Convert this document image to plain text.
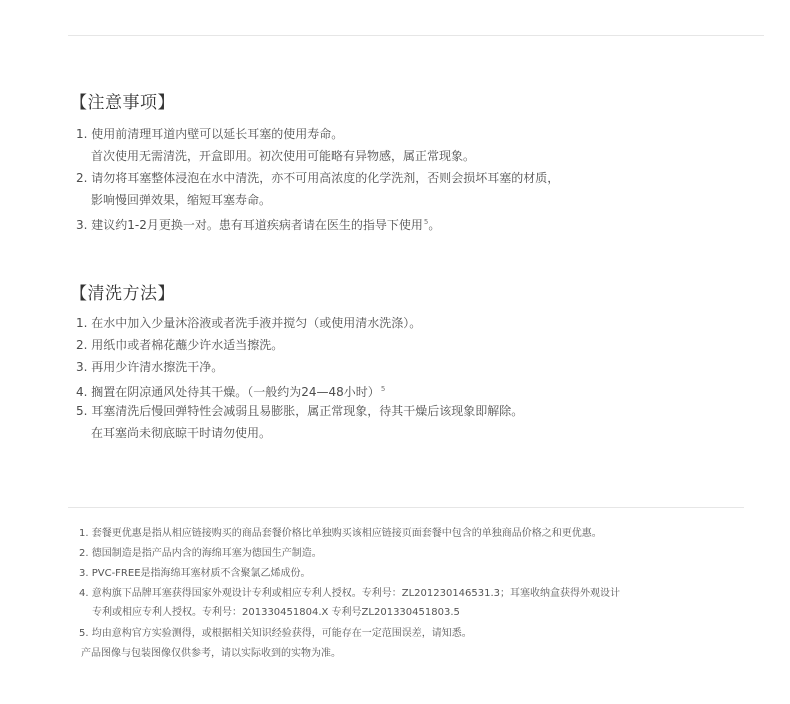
【注意事项】
1. 使用前清理耳道内壁可以延长耳塞的使用寿命。
首次使用无需清洗，开盒即用。初次使用可能略有异物感，属正常现象。
2. 请勿将耳塞整体浸泡在水中清洗，亦不可用高浓度的化学洗剂，否则会损坏耳塞的材质，
影响慢回弹效果，缩短耳塞寿命。
3. 建议约1-2月更换一对。患有耳道疾病者请在医生的指导下使用$^5$。
【清洗方法】
1. 在水中加入少量沐浴液或者洗手液并搅匀（或使用清水洗涤）。
2. 用纸巾或者棉花蘸少许水适当擦洗。
3. 再用少许清水擦洗干净。
4. 搁置在阴凉通风处待其干燥。（一般约为24—48小时）$^5$
5. 耳塞清洗后慢回弹特性会减弱且易膨胀，属正常现象，待其干燥后该现象即解除。
在耳塞尚未彻底晾干时请勿使用。
1. 套餐更优惠是指从相应链接购买的商品套餐价格比单独购买该相应链接页面套餐中包含的单独商品价格之和更优惠。
2. 德国制造是指产品内含的海绵耳塞为德国生产制造。
3. PVC-FREE是指海绵耳塞材质不含聚氯乙烯成份。
4. 意构旗下品牌耳塞获得国家外观设计专利或相应专利人授权。专利号：ZL201230146531.3；耳塞收纳盒获得外观设计
专利或相应专利人授权。专利号：201330451804.X 专利号ZL201330451803.5
5. 均由意构官方实验测得，或根据相关知识经验获得，可能存在一定范围误差，请知悉。
产品图像与包装图像仅供参考，请以实际收到的实物为准。
